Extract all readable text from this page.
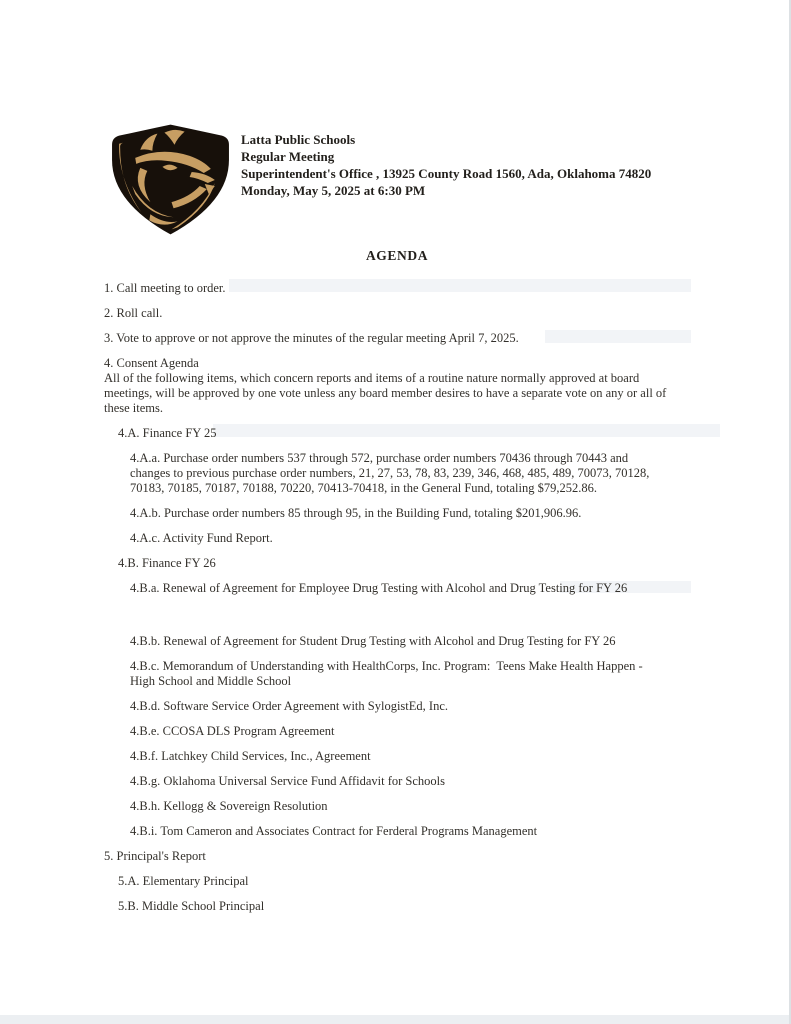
Latta Public Schools
Regular Meeting
Superintendent's Office , 13925 County Road 1560, Ada, Oklahoma 74820
Monday, May 5, 2025 at 6:30 PM
AGENDA
1. Call meeting to order.
2. Roll call.
3. Vote to approve or not approve the minutes of the regular meeting April 7, 2025.
4. Consent Agenda
All of the following items, which concern reports and items of a routine nature normally approved at board meetings, will be approved by one vote unless any board member desires to have a separate vote on any or all of these items.
4.A. Finance FY 25
4.A.a. Purchase order numbers 537 through 572, purchase order numbers 70436 through 70443 and changes to previous purchase order numbers, 21, 27, 53, 78, 83, 239, 346, 468, 485, 489, 70073, 70128, 70183, 70185, 70187, 70188, 70220, 70413-70418, in the General Fund, totaling $79,252.86.
4.A.b. Purchase order numbers 85 through 95, in the Building Fund, totaling $201,906.96.
4.A.c. Activity Fund Report.
4.B. Finance FY 26
4.B.a. Renewal of Agreement for Employee Drug Testing with Alcohol and Drug Testing for FY 26
4.B.b. Renewal of Agreement for Student Drug Testing with Alcohol and Drug Testing for FY 26
4.B.c. Memorandum of Understanding with HealthCorps, Inc. Program:  Teens Make Health Happen - High School and Middle School
4.B.d. Software Service Order Agreement with SylogistEd, Inc.
4.B.e. CCOSA DLS Program Agreement
4.B.f. Latchkey Child Services, Inc., Agreement
4.B.g. Oklahoma Universal Service Fund Affidavit for Schools
4.B.h. Kellogg & Sovereign Resolution
4.B.i. Tom Cameron and Associates Contract for Ferderal Programs Management
5. Principal's Report
5.A. Elementary Principal
5.B. Middle School Principal
